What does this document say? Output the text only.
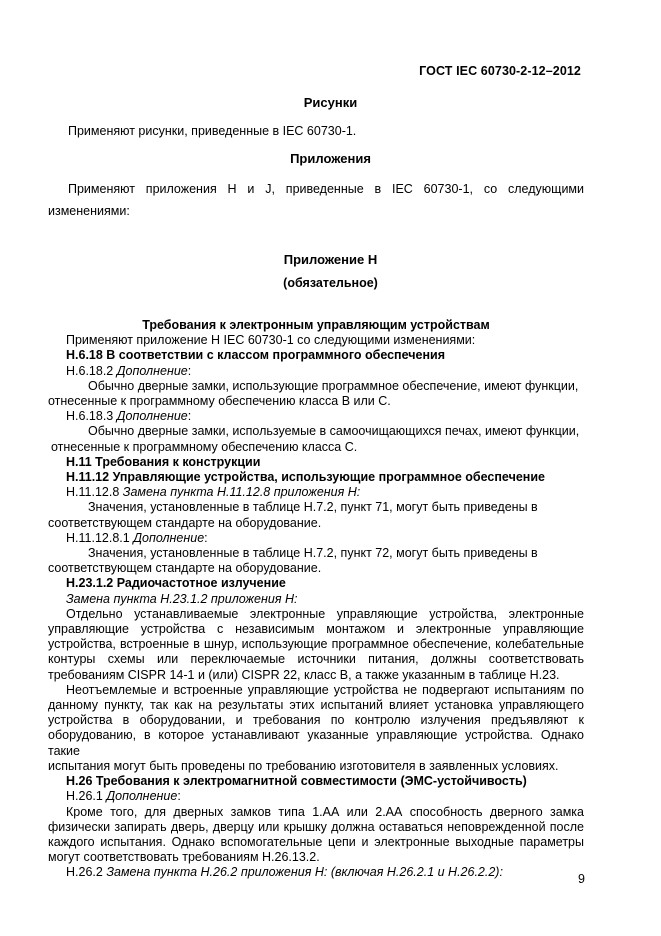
ГОСТ IEC 60730-2-12–2012
Рисунки
Применяют рисунки, приведенные в IEC 60730-1.
Приложения
Применяют приложения Н и J, приведенные в IEC 60730-1, со следующими
изменениями:
Приложение Н
(обязательное)

Требования к электронным управляющим устройствам

Применяют приложение Н IEC 60730-1 со следующими изменениями:

Н.6.18 В соответствии с классом программного обеспечения

Н.6.18.2 Дополнение:

Обычно дверные замки, использующие программное обеспечение, имеют функции,

отнесенные к программному обеспечению класса В или С.

Н.6.18.3 Дополнение:

Обычно дверные замки, используемые в самоочищающихся печах, имеют функции,

отнесенные к программному обеспечению класса С.

Н.11 Требования к конструкции

Н.11.12 Управляющие устройства, использующие программное обеспечение

Н.11.12.8 Замена пункта Н.11.12.8 приложения Н:

Значения, установленные в таблице Н.7.2, пункт 71, могут быть приведены в

соответствующем стандарте на оборудование.

Н.11.12.8.1 Дополнение:

Значения, установленные в таблице Н.7.2, пункт 72, могут быть приведены в

соответствующем стандарте на оборудование.

Н.23.1.2 Радиочастотное излучение

Замена пункта Н.23.1.2 приложения Н:

Отдельно устанавливаемые электронные управляющие устройства, электронные

управляющие устройства с независимым монтажом и электронные управляющие

устройства, встроенные в шнур, использующие программное обеспечение, колебательные

контуры схемы или переключаемые источники питания, должны соответствовать

требованиям CISPR 14-1 и (или) CISPR 22, класс В, а также указанным в таблице Н.23.

Неотъемлемые и встроенные управляющие устройства не подвергают испытаниям по

данному пункту, так как на результаты этих испытаний влияет установка управляющего

устройства в оборудовании, и требования по контролю излучения предъявляют к

оборудованию, в которое устанавливают указанные управляющие устройства. Однако такие

испытания могут быть проведены по требованию изготовителя в заявленных условиях.

Н.26 Требования к электромагнитной совместимости (ЭМС-устойчивость)

Н.26.1 Дополнение:

Кроме того, для дверных замков типа 1.АА или 2.АА способность дверного замка

физически запирать дверь, дверцу или крышку должна оставаться неповрежденной после

каждого испытания. Однако вспомогательные цепи и электронные выходные параметры

могут соответствовать требованиям Н.26.13.2.

Н.26.2 Замена пункта Н.26.2 приложения Н: (включая Н.26.2.1 и Н.26.2.2):	9
